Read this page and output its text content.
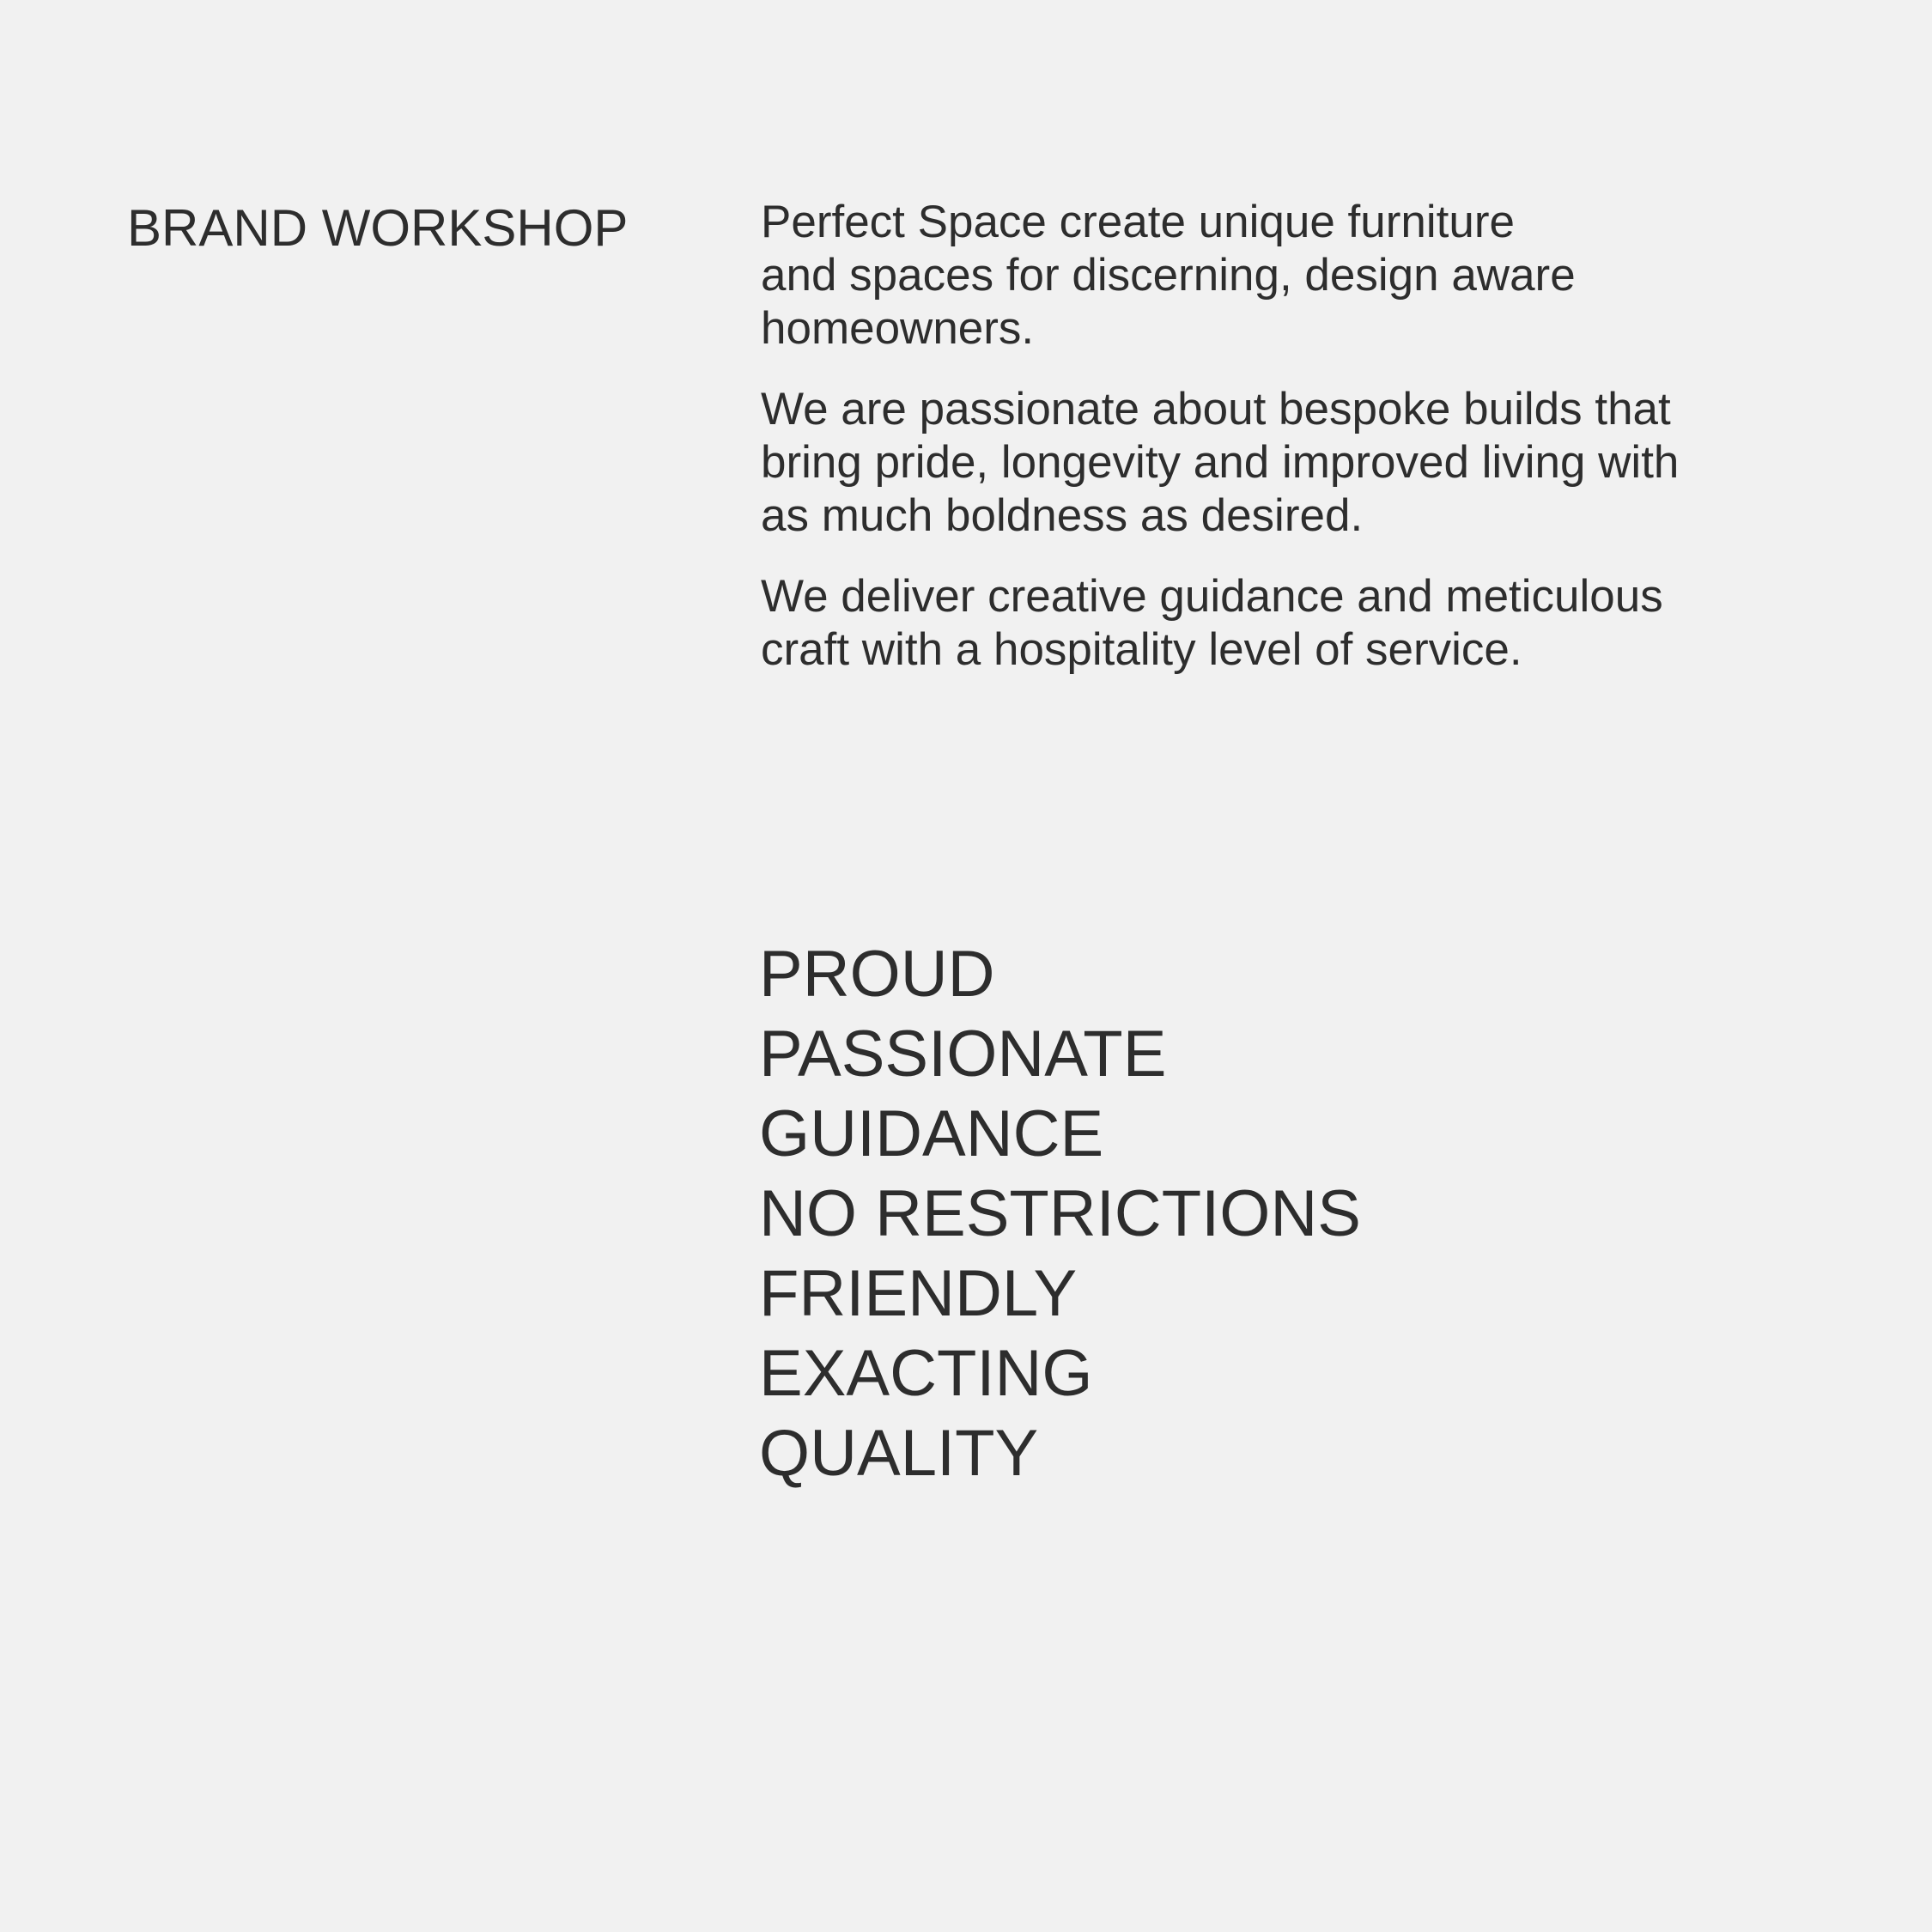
BRAND WORKSHOP	Perfect Space create unique furniture
and spaces for discerning, design aware
homeowners.

We are passionate about bespoke builds that
bring pride, longevity and improved living with
as much boldness as desired.

We deliver creative guidance and meticulous
craft with a hospitality level of service.

PROUD
PASSIONATE
GUIDANCE
NO RESTRICTIONS
FRIENDLY
EXACTING
QUALITY
